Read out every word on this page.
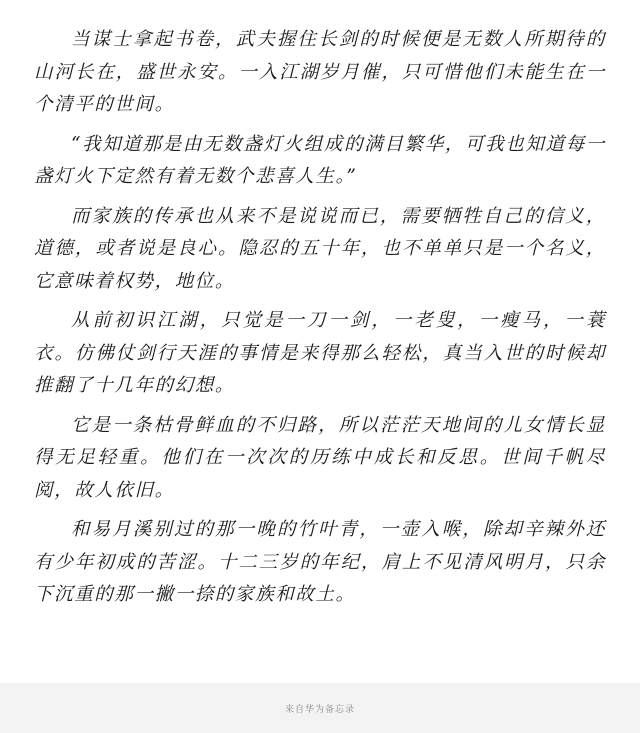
当谋士拿起书卷，武夫握住长剑的时候便是无数人所期待的山河长在，盛世永安。一入江湖岁月催，只可惜他们未能生在一个清平的世间。

“我知道那是由无数盏灯火组成的满目繁华，可我也知道每一盏灯火下定然有着无数个悲喜人生。”

而家族的传承也从来不是说说而已，需要牺牲自己的信义，道德，或者说是良心。隐忍的五十年，也不单单只是一个名义，它意味着权势，地位。

从前初识江湖，只觉是一刀一剑，一老叟，一瘦马，一蓑衣。仿佛仗剑行天涯的事情是来得那么轻松，真当入世的时候却推翻了十几年的幻想。

它是一条枯骨鲜血的不归路，所以茫茫天地间的儿女情长显得无足轻重。他们在一次次的历练中成长和反思。世间千帆尽阅，故人依旧。

和易月溪别过的那一晚的竹叶青，一壶入喉，除却辛辣外还有少年初成的苦涩。十二三岁的年纪，肩上不见清风明月，只余下沉重的那一撇一捺的家族和故土。

来自华为备忘录
